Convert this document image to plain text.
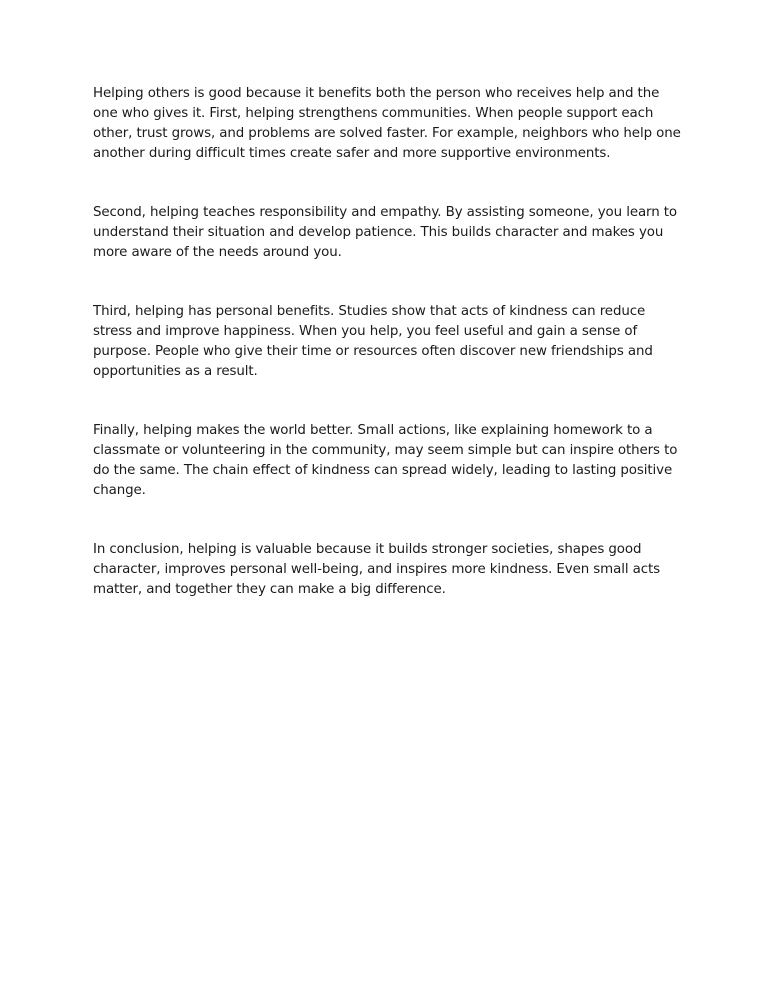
Helping others is good because it benefits both the person who receives help and the one who gives it. First, helping strengthens communities. When people support each other, trust grows, and problems are solved faster. For example, neighbors who help one another during difficult times create safer and more supportive environments.

Second, helping teaches responsibility and empathy. By assisting someone, you learn to understand their situation and develop patience. This builds character and makes you more aware of the needs around you.

Third, helping has personal benefits. Studies show that acts of kindness can reduce stress and improve happiness. When you help, you feel useful and gain a sense of purpose. People who give their time or resources often discover new friendships and opportunities as a result.

Finally, helping makes the world better. Small actions, like explaining homework to a classmate or volunteering in the community, may seem simple but can inspire others to do the same. The chain effect of kindness can spread widely, leading to lasting positive change.

In conclusion, helping is valuable because it builds stronger societies, shapes good character, improves personal well-being, and inspires more kindness. Even small acts matter, and together they can make a big difference.
